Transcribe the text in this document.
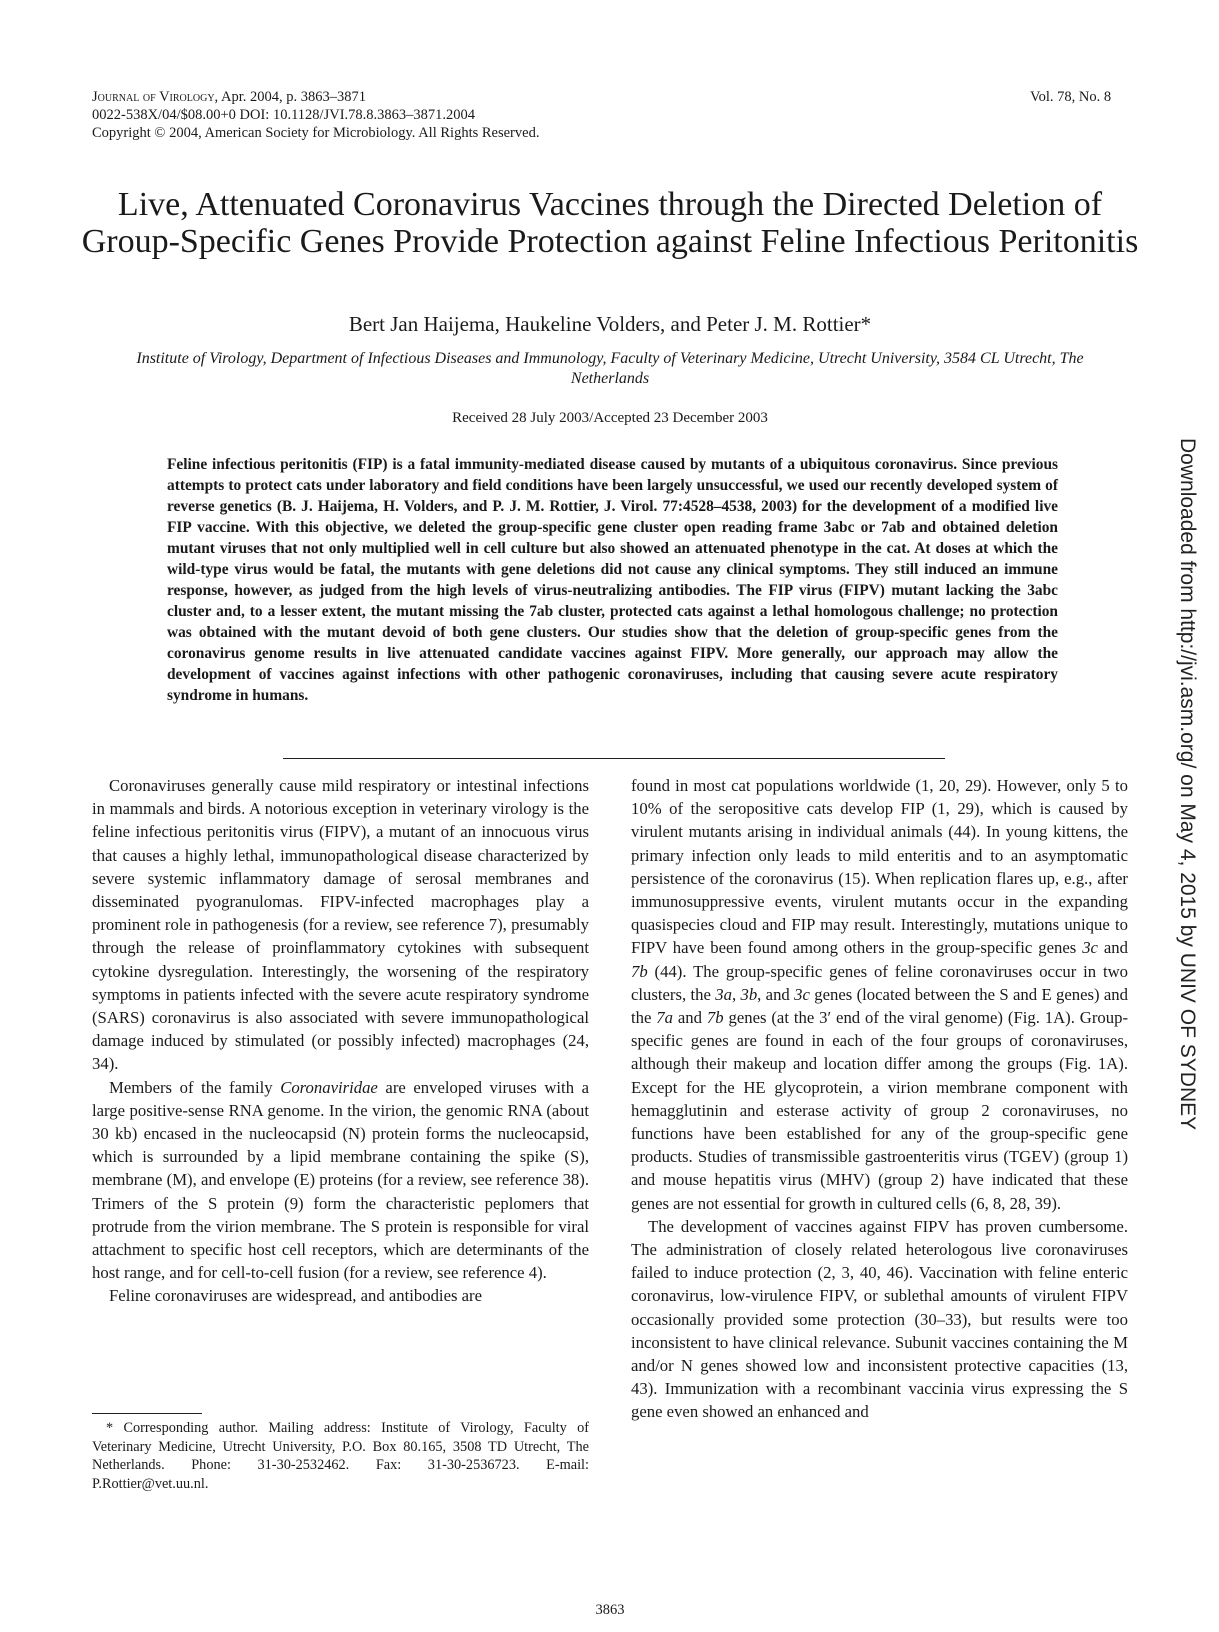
Journal of Virology, Apr. 2004, p. 3863–3871
0022-538X/04/$08.00+0 DOI: 10.1128/JVI.78.8.3863–3871.2004
Copyright © 2004, American Society for Microbiology. All Rights Reserved.
Vol. 78, No. 8
Live, Attenuated Coronavirus Vaccines through the Directed Deletion of Group-Specific Genes Provide Protection against Feline Infectious Peritonitis
Bert Jan Haijema, Haukeline Volders, and Peter J. M. Rottier*
Institute of Virology, Department of Infectious Diseases and Immunology, Faculty of Veterinary Medicine, Utrecht University, 3584 CL Utrecht, The Netherlands
Received 28 July 2003/Accepted 23 December 2003
Feline infectious peritonitis (FIP) is a fatal immunity-mediated disease caused by mutants of a ubiquitous coronavirus. Since previous attempts to protect cats under laboratory and field conditions have been largely unsuccessful, we used our recently developed system of reverse genetics (B. J. Haijema, H. Volders, and P. J. M. Rottier, J. Virol. 77:4528–4538, 2003) for the development of a modified live FIP vaccine. With this objective, we deleted the group-specific gene cluster open reading frame 3abc or 7ab and obtained deletion mutant viruses that not only multiplied well in cell culture but also showed an attenuated phenotype in the cat. At doses at which the wild-type virus would be fatal, the mutants with gene deletions did not cause any clinical symptoms. They still induced an immune response, however, as judged from the high levels of virus-neutralizing antibodies. The FIP virus (FIPV) mutant lacking the 3abc cluster and, to a lesser extent, the mutant missing the 7ab cluster, protected cats against a lethal homologous challenge; no protection was obtained with the mutant devoid of both gene clusters. Our studies show that the deletion of group-specific genes from the coronavirus genome results in live attenuated candidate vaccines against FIPV. More generally, our approach may allow the development of vaccines against infections with other pathogenic coronaviruses, including that causing severe acute respiratory syndrome in humans.

Coronaviruses generally cause mild respiratory or intestinal infections in mammals and birds. A notorious exception in veterinary virology is the feline infectious peritonitis virus (FIPV), a mutant of an innocuous virus that causes a highly lethal, immunopathological disease characterized by severe systemic inflammatory damage of serosal membranes and disseminated pyogranulomas. FIPV-infected macrophages play a prominent role in pathogenesis (for a review, see reference 7), presumably through the release of proinflammatory cytokines with subsequent cytokine dysregulation. Interestingly, the worsening of the respiratory symptoms in patients infected with the severe acute respiratory syndrome (SARS) coronavirus is also associated with severe immunopathological damage induced by stimulated (or possibly infected) macrophages (24, 34).

Members of the family Coronaviridae are enveloped viruses with a large positive-sense RNA genome. In the virion, the genomic RNA (about 30 kb) encased in the nucleocapsid (N) protein forms the nucleocapsid, which is surrounded by a lipid membrane containing the spike (S), membrane (M), and envelope (E) proteins (for a review, see reference 38). Trimers of the S protein (9) form the characteristic peplomers that protrude from the virion membrane. The S protein is responsible for viral attachment to specific host cell receptors, which are determinants of the host range, and for cell-to-cell fusion (for a review, see reference 4).

Feline coronaviruses are widespread, and antibodies are

found in most cat populations worldwide (1, 20, 29). However, only 5 to 10% of the seropositive cats develop FIP (1, 29), which is caused by virulent mutants arising in individual animals (44). In young kittens, the primary infection only leads to mild enteritis and to an asymptomatic persistence of the coronavirus (15). When replication flares up, e.g., after immunosuppressive events, virulent mutants occur in the expanding quasispecies cloud and FIP may result. Interestingly, mutations unique to FIPV have been found among others in the group-specific genes 3c and 7b (44). The group-specific genes of feline coronaviruses occur in two clusters, the 3a, 3b, and 3c genes (located between the S and E genes) and the 7a and 7b genes (at the 3′ end of the viral genome) (Fig. 1A). Group-specific genes are found in each of the four groups of coronaviruses, although their makeup and location differ among the groups (Fig. 1A). Except for the HE glycoprotein, a virion membrane component with hemagglutinin and esterase activity of group 2 coronaviruses, no functions have been established for any of the group-specific gene products. Studies of transmissible gastroenteritis virus (TGEV) (group 1) and mouse hepatitis virus (MHV) (group 2) have indicated that these genes are not essential for growth in cultured cells (6, 8, 28, 39).

The development of vaccines against FIPV has proven cumbersome. The administration of closely related heterologous live coronaviruses failed to induce protection (2, 3, 40, 46). Vaccination with feline enteric coronavirus, low-virulence FIPV, or sublethal amounts of virulent FIPV occasionally provided some protection (30–33), but results were too inconsistent to have clinical relevance. Subunit vaccines containing the M and/or N genes showed low and inconsistent protective capacities (13, 43). Immunization with a recombinant vaccinia virus expressing the S gene even showed an enhanced and

* Corresponding author. Mailing address: Institute of Virology, Faculty of Veterinary Medicine, Utrecht University, P.O. Box 80.165, 3508 TD Utrecht, The Netherlands. Phone: 31-30-2532462. Fax: 31-30-2536723. E-mail: P.Rottier@vet.uu.nl.
3863
Downloaded from http://jvi.asm.org/ on May 4, 2015 by UNIV OF SYDNEY
